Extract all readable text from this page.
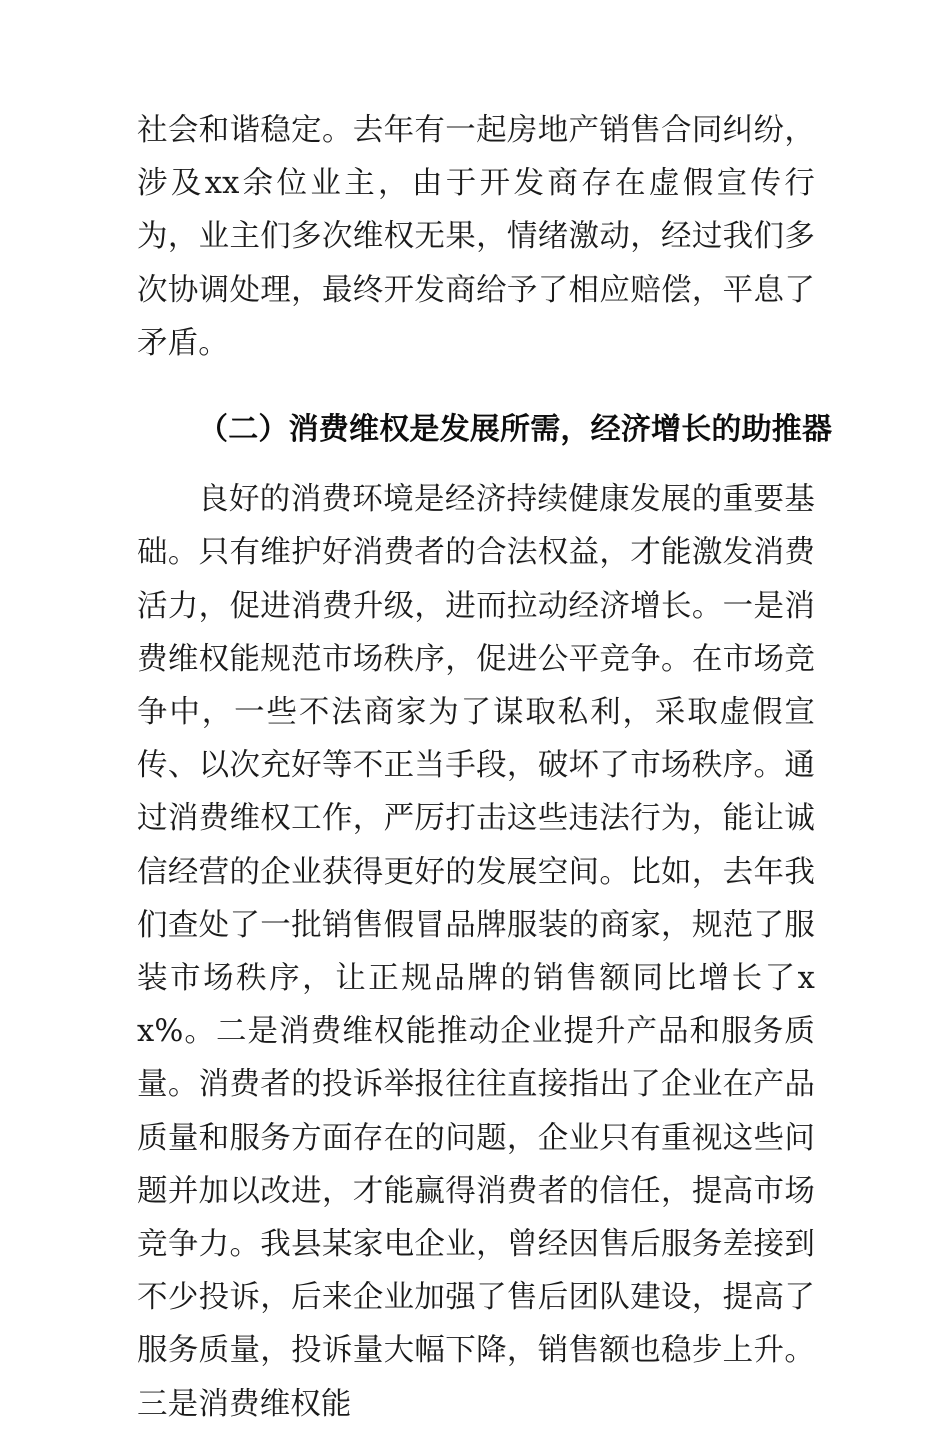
社会和谐稳定。去年有一起房地产销售合同纠纷，涉及xx余位业主，由于开发商存在虚假宣传行为，业主们多次维权无果，情绪激动，经过我们多次协调处理，最终开发商给予了相应赔偿，平息了矛盾。

（二）消费维权是发展所需，经济增长的助推器

良好的消费环境是经济持续健康发展的重要基础。只有维护好消费者的合法权益，才能激发消费活力，促进消费升级，进而拉动经济增长。一是消费维权能规范市场秩序，促进公平竞争。在市场竞争中，一些不法商家为了谋取私利，采取虚假宣传、以次充好等不正当手段，破坏了市场秩序。通过消费维权工作，严厉打击这些违法行为，能让诚信经营的企业获得更好的发展空间。比如，去年我们查处了一批销售假冒品牌服装的商家，规范了服装市场秩序，让正规品牌的销售额同比增长了xx%。二是消费维权能推动企业提升产品和服务质量。消费者的投诉举报往往直接指出了企业在产品质量和服务方面存在的问题，企业只有重视这些问题并加以改进，才能赢得消费者的信任，提高市场竞争力。我县某家电企业，曾经因售后服务差接到不少投诉，后来企业加强了售后团队建设，提高了服务质量，投诉量大幅下降，销售额也稳步上升。三是消费维权能
